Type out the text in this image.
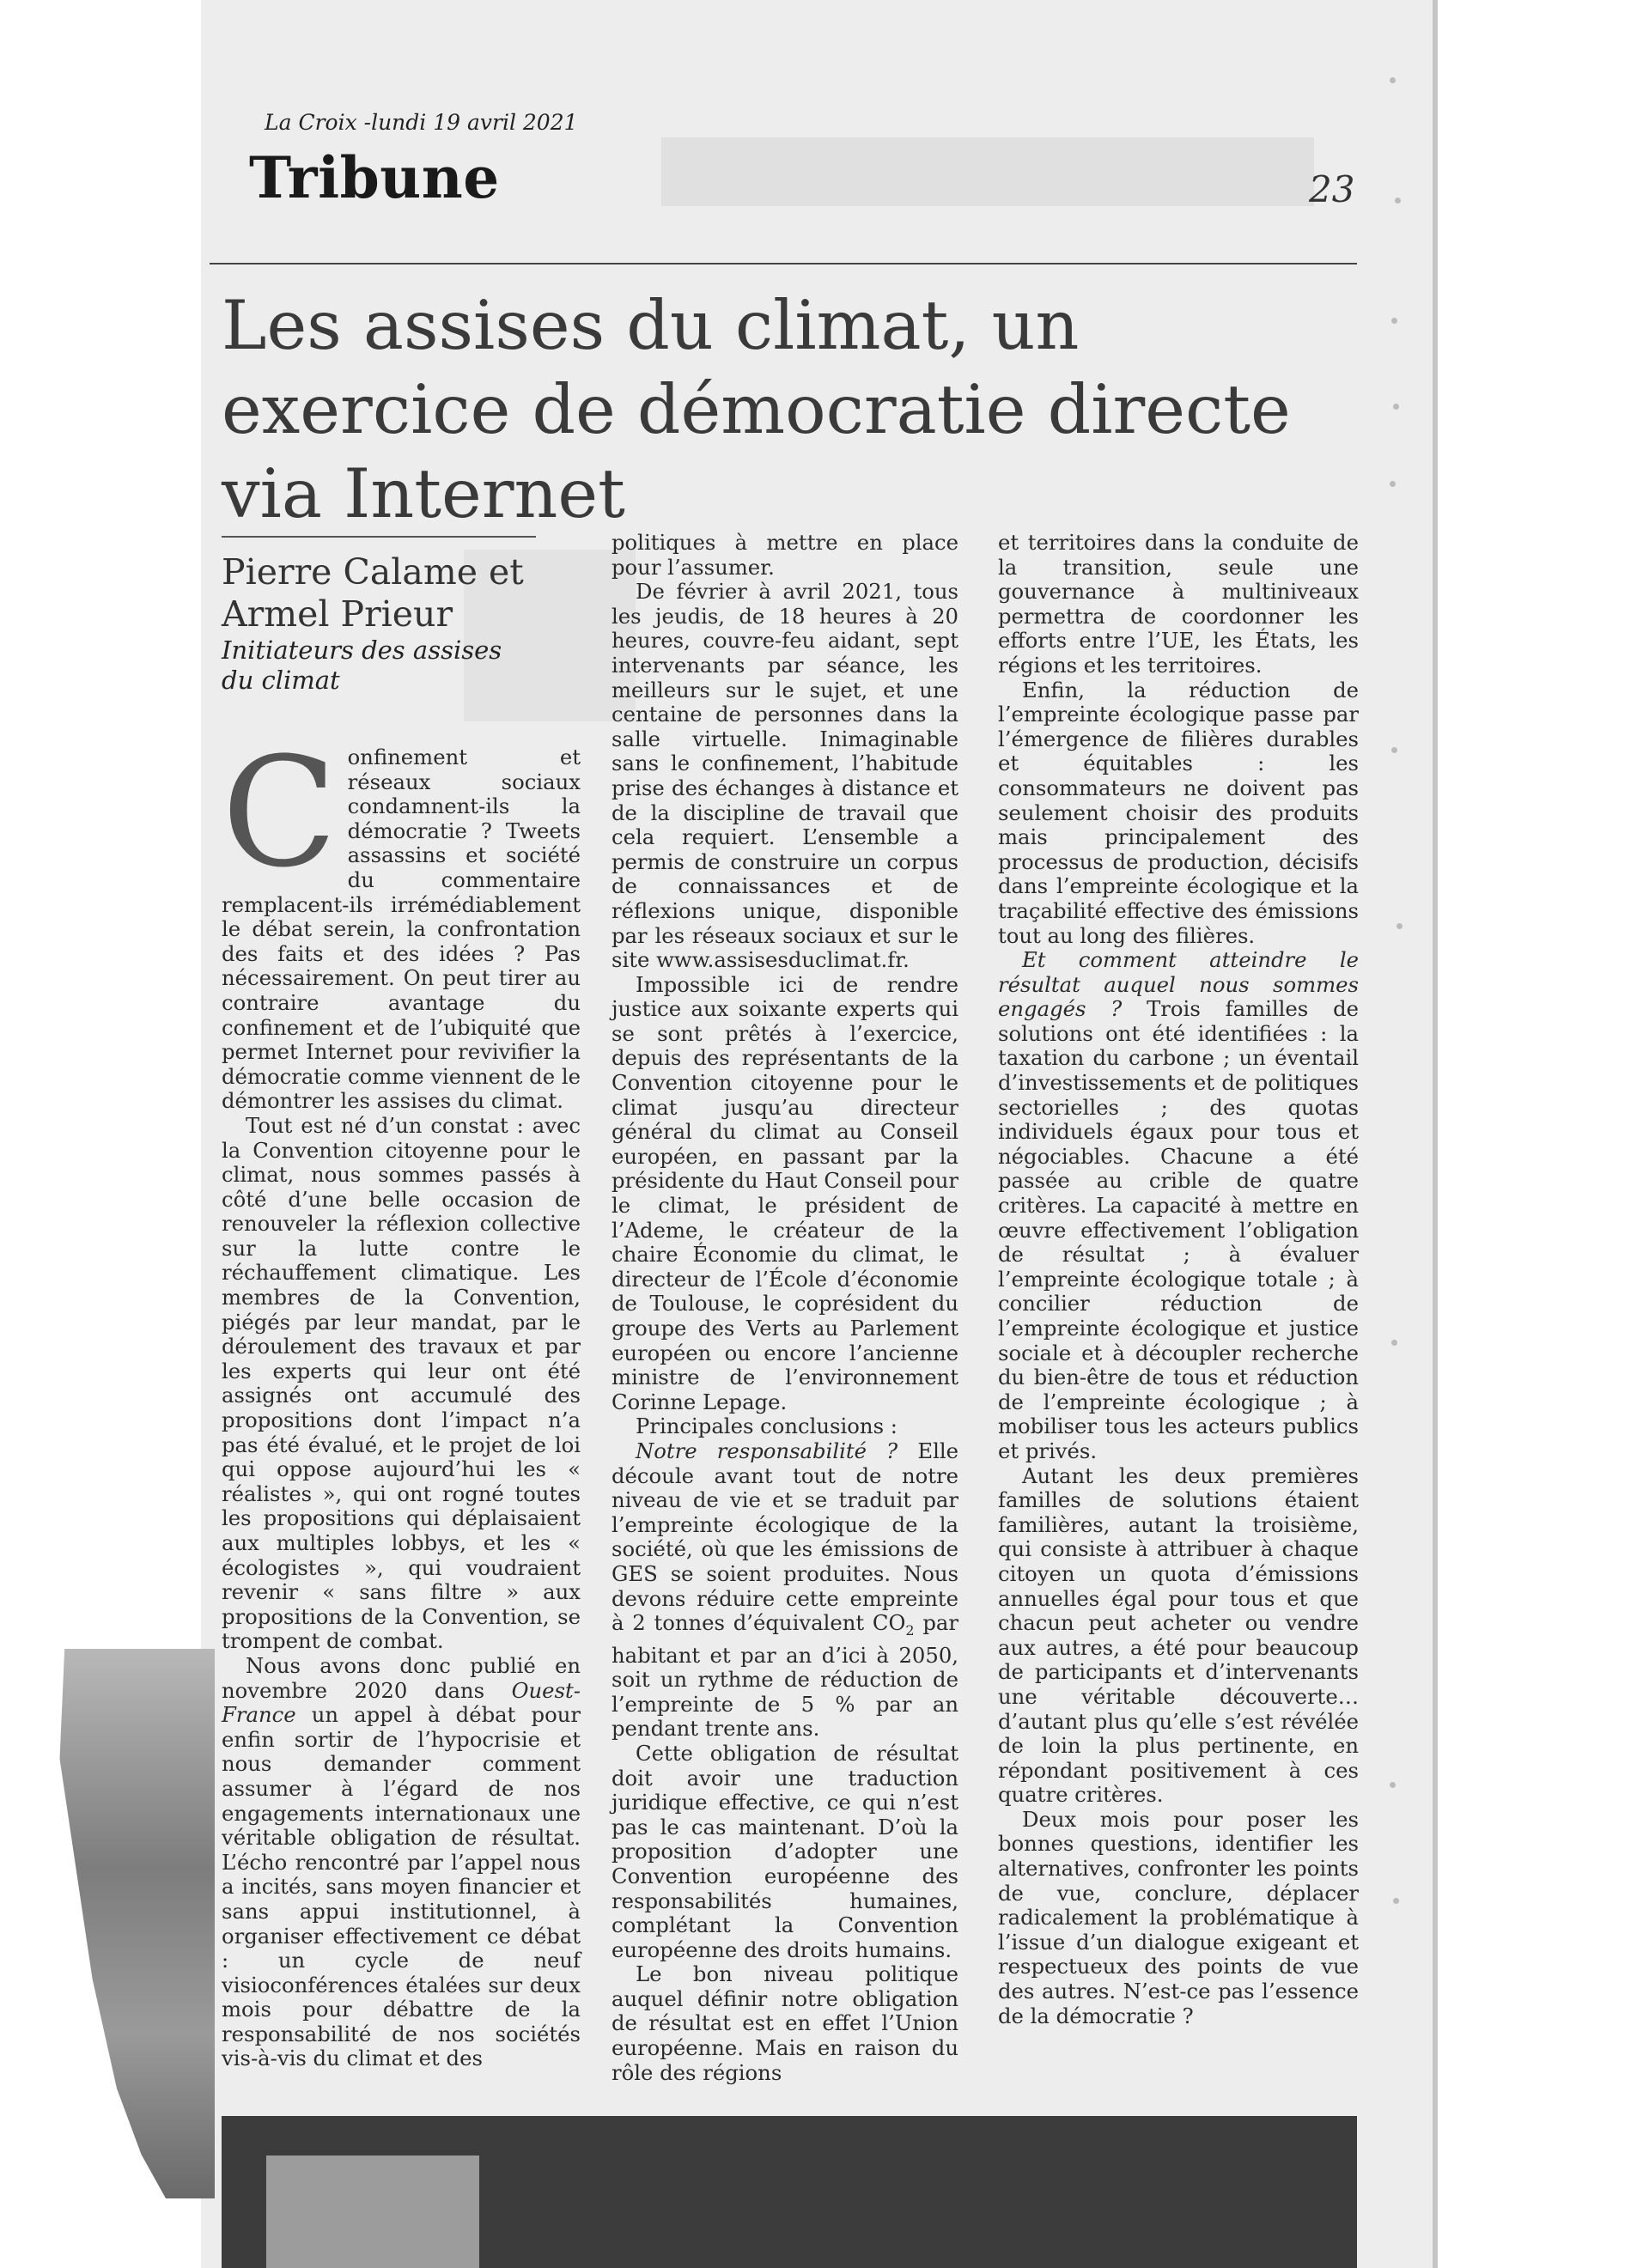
La Croix -lundi 19 avril 2021
Tribune	23
Les assises du climat, un exercice de démocratie directe via Internet
Pierre Calame et Armel Prieur
Initiateurs des assises du climat

Confinement et réseaux sociaux condamnent-ils la démocratie ? Tweets assassins et société du commentaire remplacent-ils irrémédiablement le débat serein, la confrontation des faits et des idées ? Pas nécessairement. On peut tirer au contraire avantage du confinement et de l’ubiquité que permet Internet pour revivifier la démocratie comme viennent de le démontrer les assises du climat.

Tout est né d’un constat : avec la Convention citoyenne pour le climat, nous sommes passés à côté d’une belle occasion de renouveler la réflexion collective sur la lutte contre le réchauffement climatique. Les membres de la Convention, piégés par leur mandat, par le déroulement des travaux et par les experts qui leur ont été assignés ont accumulé des propositions dont l’impact n’a pas été évalué, et le projet de loi qui oppose aujourd’hui les « réalistes », qui ont rogné toutes les propositions qui déplaisaient aux multiples lobbys, et les « écologistes », qui voudraient revenir « sans filtre » aux propositions de la Convention, se trompent de combat.

Nous avons donc publié en novembre 2020 dans Ouest-France un appel à débat pour enfin sortir de l’hypocrisie et nous demander comment assumer à l’égard de nos engagements internationaux une véritable obligation de résultat. L’écho rencontré par l’appel nous a incités, sans moyen financier et sans appui institutionnel, à organiser effectivement ce débat : un cycle de neuf visioconférences étalées sur deux mois pour débattre de la responsabilité de nos sociétés vis-à-vis du climat et des

politiques à mettre en place pour l’assumer.

De février à avril 2021, tous les jeudis, de 18 heures à 20 heures, couvre-feu aidant, sept intervenants par séance, les meilleurs sur le sujet, et une centaine de personnes dans la salle virtuelle. Inimaginable sans le confinement, l’habitude prise des échanges à distance et de la discipline de travail que cela requiert. L’ensemble a permis de construire un corpus de connaissances et de réflexions unique, disponible par les réseaux sociaux et sur le site www.assisesduclimat.fr.

Impossible ici de rendre justice aux soixante experts qui se sont prêtés à l’exercice, depuis des représentants de la Convention citoyenne pour le climat jusqu’au directeur général du climat au Conseil européen, en passant par la présidente du Haut Conseil pour le climat, le président de l’Ademe, le créateur de la chaire Économie du climat, le directeur de l’École d’économie de Toulouse, le coprésident du groupe des Verts au Parlement européen ou encore l’ancienne ministre de l’environnement Corinne Lepage.

Principales conclusions :

Notre responsabilité ? Elle découle avant tout de notre niveau de vie et se traduit par l’empreinte écologique de la société, où que les émissions de GES se soient produites. Nous devons réduire cette empreinte à 2 tonnes d’équivalent $CO_2$ par habitant et par an d’ici à 2050, soit un rythme de réduction de l’empreinte de 5 % par an pendant trente ans.

Cette obligation de résultat doit avoir une traduction juridique effective, ce qui n’est pas le cas maintenant. D’où la proposition d’adopter une Convention européenne des responsabilités humaines, complétant la Convention européenne des droits humains.

Le bon niveau politique auquel définir notre obligation de résultat est en effet l’Union européenne. Mais en raison du rôle des régions

et territoires dans la conduite de la transition, seule une gouvernance à multiniveaux permettra de coordonner les efforts entre l’UE, les États, les régions et les territoires.

Enfin, la réduction de l’empreinte écologique passe par l’émergence de filières durables et équitables : les consommateurs ne doivent pas seulement choisir des produits mais principalement des processus de production, décisifs dans l’empreinte écologique et la traçabilité effective des émissions tout au long des filières.

Et comment atteindre le résultat auquel nous sommes engagés ? Trois familles de solutions ont été identifiées : la taxation du carbone ; un éventail d’investissements et de politiques sectorielles ; des quotas individuels égaux pour tous et négociables. Chacune a été passée au crible de quatre critères. La capacité à mettre en œuvre effectivement l’obligation de résultat ; à évaluer l’empreinte écologique totale ; à concilier réduction de l’empreinte écologique et justice sociale et à découpler recherche du bien-être de tous et réduction de l’empreinte écologique ; à mobiliser tous les acteurs publics et privés.

Autant les deux premières familles de solutions étaient familières, autant la troisième, qui consiste à attribuer à chaque citoyen un quota d’émissions annuelles égal pour tous et que chacun peut acheter ou vendre aux autres, a été pour beaucoup de participants et d’intervenants une véritable découverte… d’autant plus qu’elle s’est révélée de loin la plus pertinente, en répondant positivement à ces quatre critères.

Deux mois pour poser les bonnes questions, identifier les alternatives, confronter les points de vue, conclure, déplacer radicalement la problématique à l’issue d’un dialogue exigeant et respectueux des points de vue des autres. N’est-ce pas l’essence de la démocratie ?
